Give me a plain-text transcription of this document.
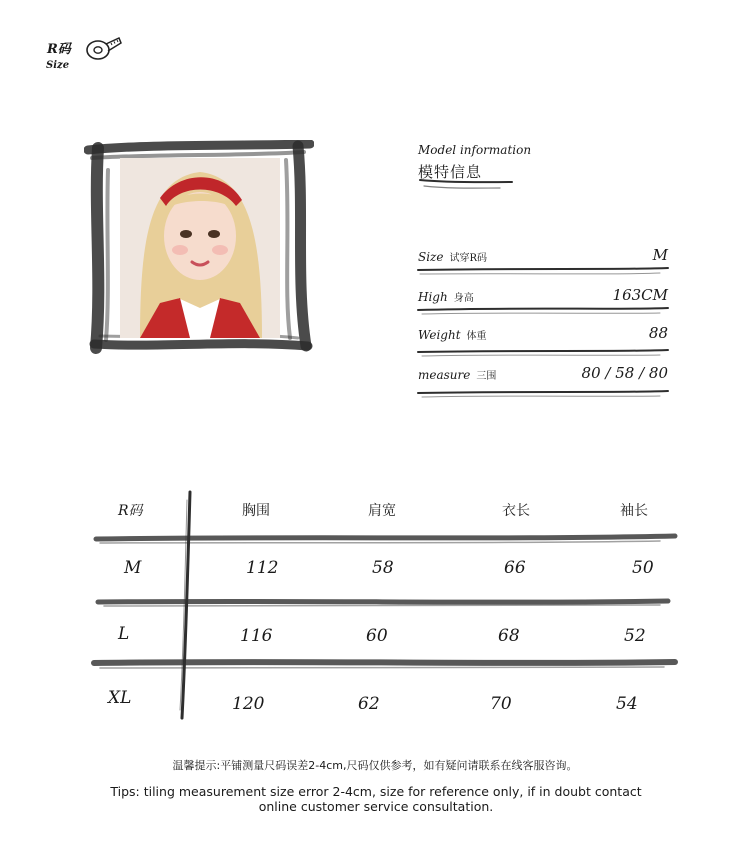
R码
Size
Model information
模特信息
Size 试穿R码	M
High 身高	163CM
Weight 体重	88
measure 三围	80 / 58 / 80
R码	胸围	肩宽	衣长	袖长
M	112	58	66	50
L	116	60	68	52
XL	120	62	70	54
温馨提示:平铺测量尺码误差2-4cm,尺码仅供参考，如有疑问请联系在线客服咨询。
Tips: tiling measurement size error 2-4cm, size for reference only, if in doubt contact online customer service consultation.
